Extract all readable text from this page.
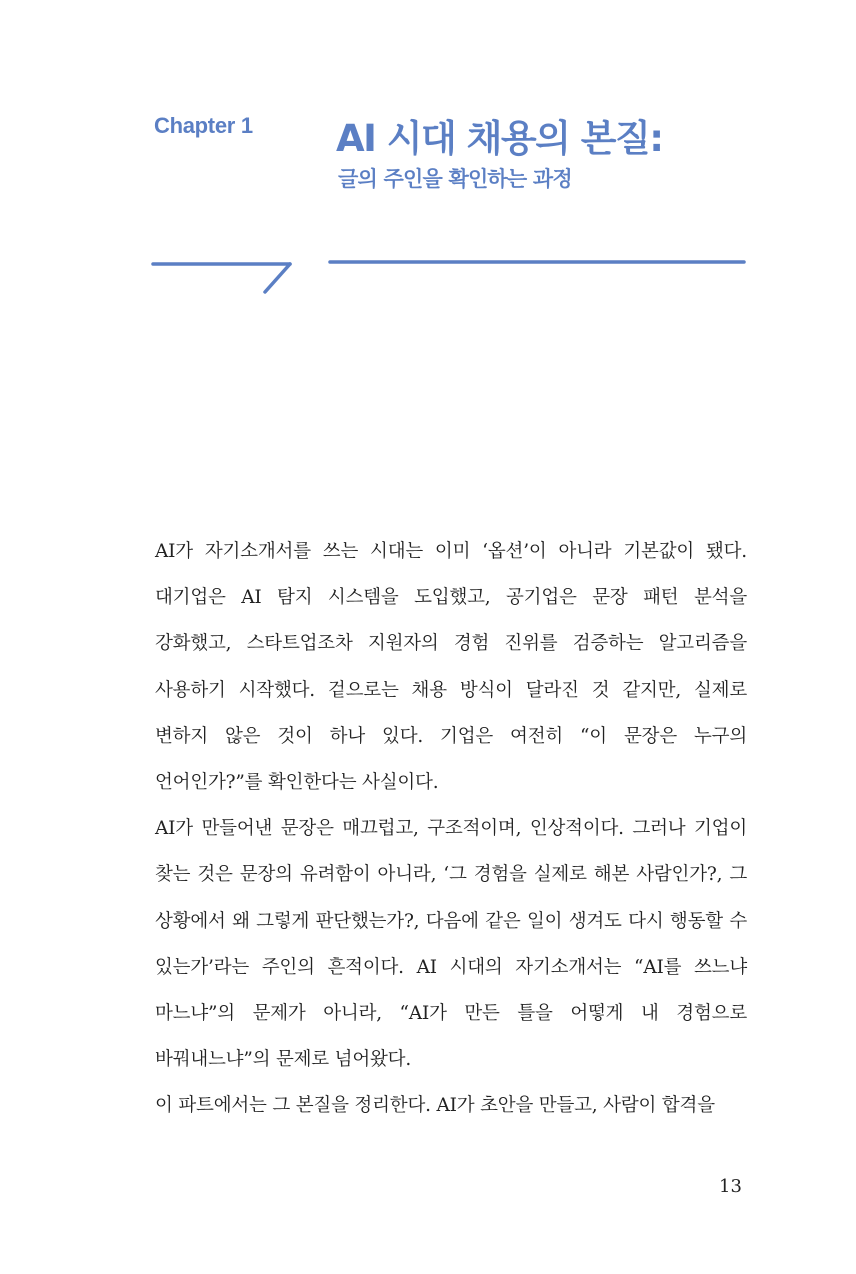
Chapter 1 AI 시대 채용의 본질:
글의 주인을 확인하는 과정

AI가 자기소개서를 쓰는 시대는 이미 ‘옵션’이 아니라 기본값이 됐다. 대기업은 AI 탐지 시스템을 도입했고, 공기업은 문장 패턴 분석을 강화했고, 스타트업조차 지원자의 경험 진위를 검증하는 알고리즘을 사용하기 시작했다. 겉으로는 채용 방식이 달라진 것 같지만, 실제로 변하지 않은 것이 하나 있다. 기업은 여전히 “이 문장은 누구의 언어인가?”를 확인한다는 사실이다.

AI가 만들어낸 문장은 매끄럽고, 구조적이며, 인상적이다. 그러나 기업이 찾는 것은 문장의 유려함이 아니라, ‘그 경험을 실제로 해본 사람인가?, 그 상황에서 왜 그렇게 판단했는가?, 다음에 같은 일이 생겨도 다시 행동할 수 있는가’라는 주인의 흔적이다. AI 시대의 자기소개서는 “AI를 쓰느냐 마느냐”의 문제가 아니라, “AI가 만든 틀을 어떻게 내 경험으로 바꿔내느냐”의 문제로 넘어왔다.

이 파트에서는 그 본질을 정리한다. AI가 초안을 만들고, 사람이 합격을

13
